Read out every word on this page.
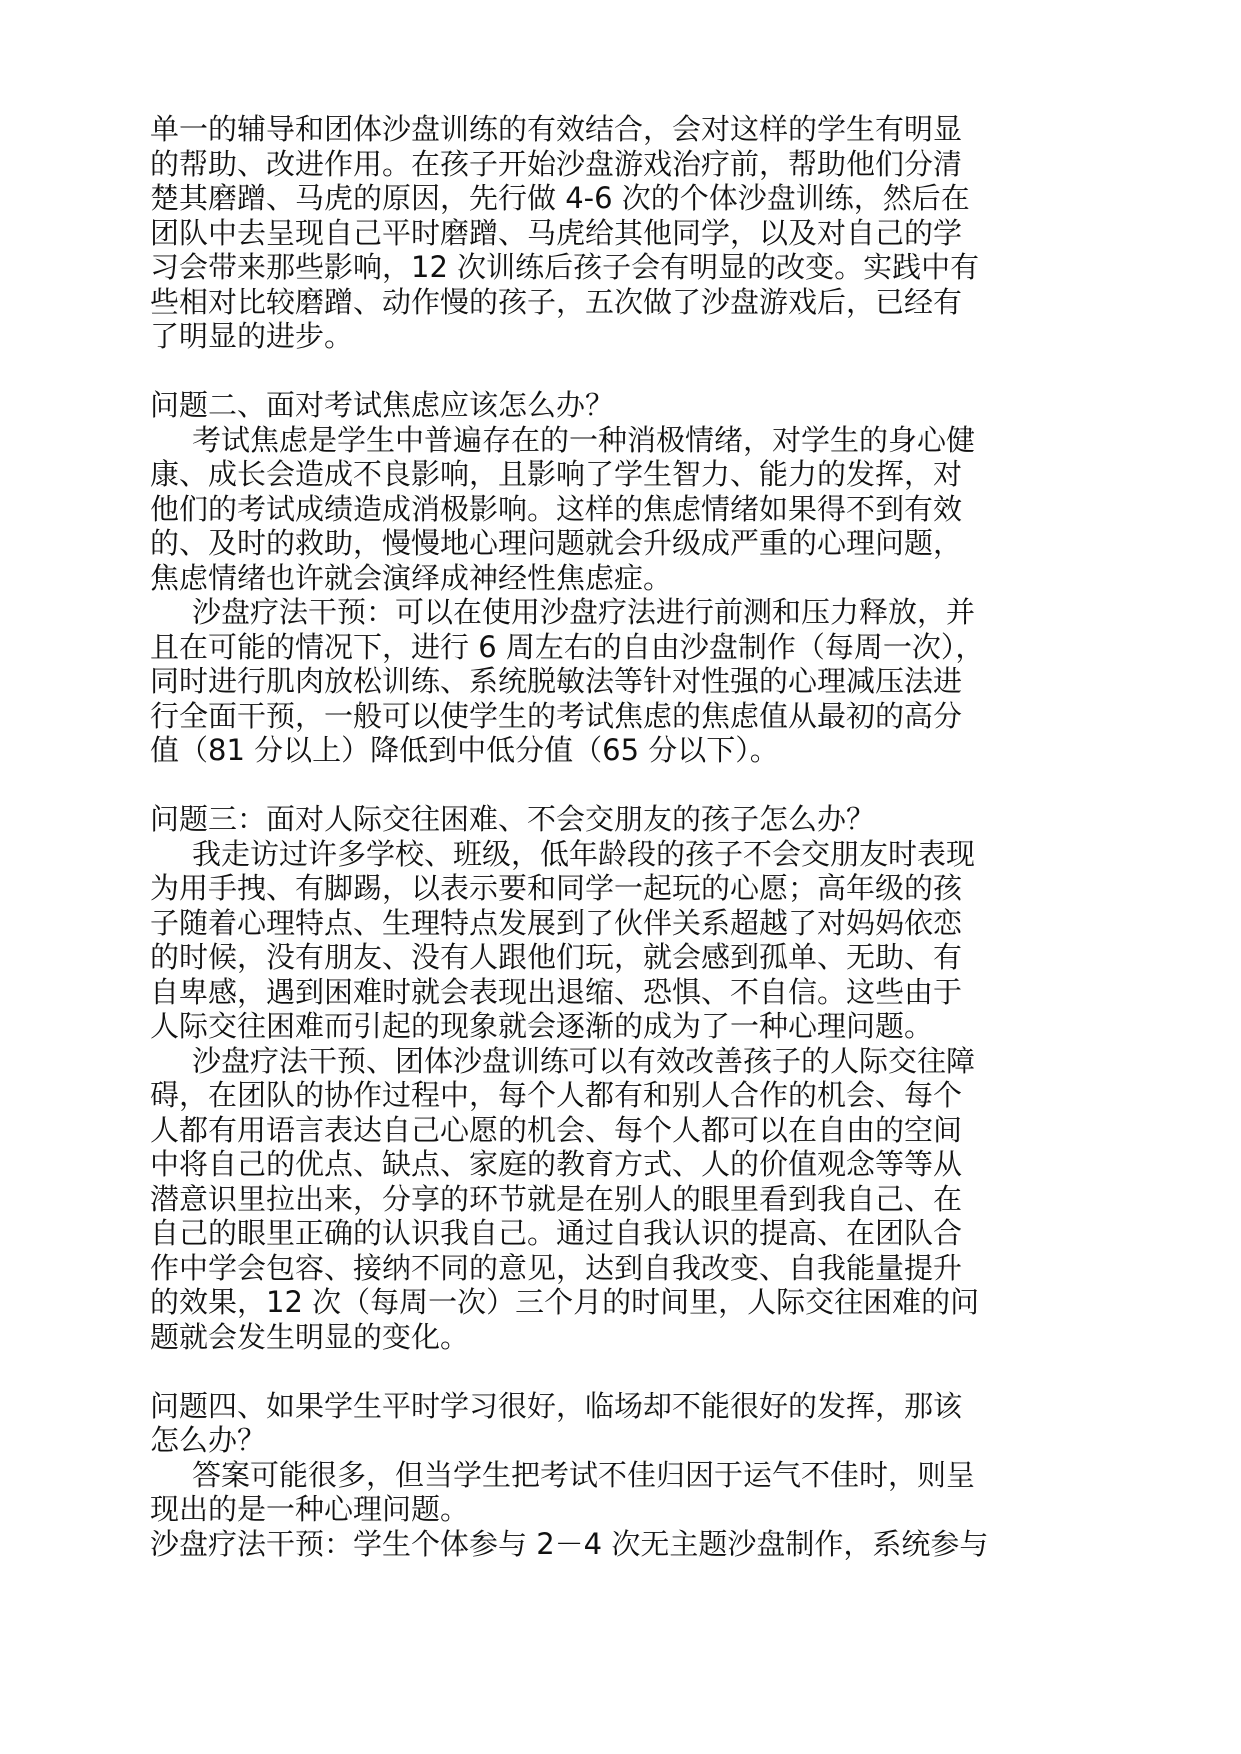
单一的辅导和团体沙盘训练的有效结合，会对这样的学生有明显
的帮助、改进作用。在孩子开始沙盘游戏治疗前，帮助他们分清
楚其磨蹭、马虎的原因，先行做 4-6 次的个体沙盘训练，然后在
团队中去呈现自己平时磨蹭、马虎给其他同学，以及对自己的学
习会带来那些影响，12 次训练后孩子会有明显的改变。实践中有
些相对比较磨蹭、动作慢的孩子，五次做了沙盘游戏后，已经有
了明显的进步。
问题二、面对考试焦虑应该怎么办？
考试焦虑是学生中普遍存在的一种消极情绪，对学生的身心健
康、成长会造成不良影响，且影响了学生智力、能力的发挥，对
他们的考试成绩造成消极影响。这样的焦虑情绪如果得不到有效
的、及时的救助，慢慢地心理问题就会升级成严重的心理问题，
焦虑情绪也许就会演绎成神经性焦虑症。
沙盘疗法干预：可以在使用沙盘疗法进行前测和压力释放，并
且在可能的情况下，进行 6 周左右的自由沙盘制作（每周一次），
同时进行肌肉放松训练、系统脱敏法等针对性强的心理减压法进
行全面干预，一般可以使学生的考试焦虑的焦虑值从最初的高分
值（81 分以上）降低到中低分值（65 分以下）。
问题三：面对人际交往困难、不会交朋友的孩子怎么办？
我走访过许多学校、班级，低年龄段的孩子不会交朋友时表现
为用手拽、有脚踢，以表示要和同学一起玩的心愿；高年级的孩
子随着心理特点、生理特点发展到了伙伴关系超越了对妈妈依恋
的时候，没有朋友、没有人跟他们玩，就会感到孤单、无助、有
自卑感，遇到困难时就会表现出退缩、恐惧、不自信。这些由于
人际交往困难而引起的现象就会逐渐的成为了一种心理问题。
沙盘疗法干预、团体沙盘训练可以有效改善孩子的人际交往障
碍，在团队的协作过程中，每个人都有和别人合作的机会、每个
人都有用语言表达自己心愿的机会、每个人都可以在自由的空间
中将自己的优点、缺点、家庭的教育方式、人的价值观念等等从
潜意识里拉出来，分享的环节就是在别人的眼里看到我自己、在
自己的眼里正确的认识我自己。通过自我认识的提高、在团队合
作中学会包容、接纳不同的意见，达到自我改变、自我能量提升
的效果，12 次（每周一次）三个月的时间里，人际交往困难的问
题就会发生明显的变化。
问题四、如果学生平时学习很好，临场却不能很好的发挥，那该
怎么办？
答案可能很多，但当学生把考试不佳归因于运气不佳时，则呈
现出的是一种心理问题。
沙盘疗法干预：学生个体参与 2－4 次无主题沙盘制作，系统参与
